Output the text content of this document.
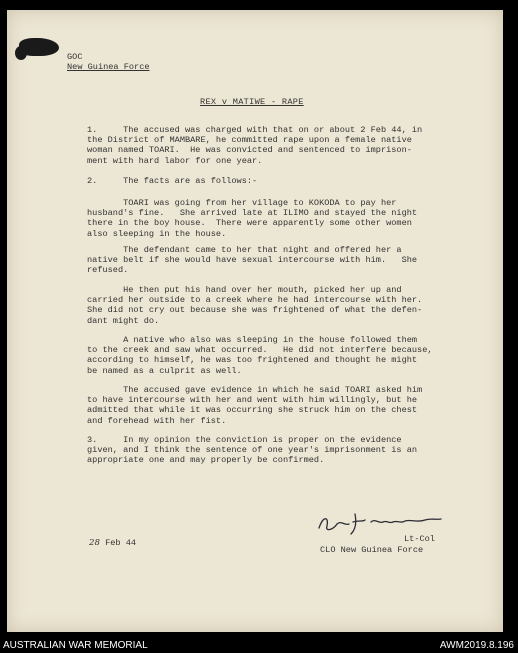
GOC
New Guinea Force
REX v MATIWE - RAPE
1.     The accused was charged with that on or about 2 Feb 44, in
the District of MAMBARE, he committed rape upon a female native
woman named TOARI.  He was convicted and sentenced to imprison-
ment with hard labor for one year.
2.     The facts are as follows:-
TOARI was going from her village to KOKODA to pay her
husband's fine.   She arrived late at ILIMO and stayed the night
there in the boy house.  There were apparently some other women
also sleeping in the house.
The defendant came to her that night and offered her a
native belt if she would have sexual intercourse with him.   She
refused.
He then put his hand over her mouth, picked her up and
carried her outside to a creek where he had intercourse with her.
She did not cry out because she was frightened of what the defen-
dant might do.
A native who also was sleeping in the house followed them
to the creek and saw what occurred.   He did not interfere because,
according to himself, he was too frightened and thought he might
be named as a culprit as well.
The accused gave evidence in which he said TOARI asked him
to have intercourse with her and went with him willingly, but he
admitted that while it was occurring she struck him on the chest
and forehead with her fist.
3.     In my opinion the conviction is proper on the evidence
given, and I think the sentence of one year's imprisonment is an
appropriate one and may properly be confirmed.
28 Feb 44	Lt-Col
CLO New Guinea Force
AUSTRALIAN WAR MEMORIAL	AWM2019.8.196
